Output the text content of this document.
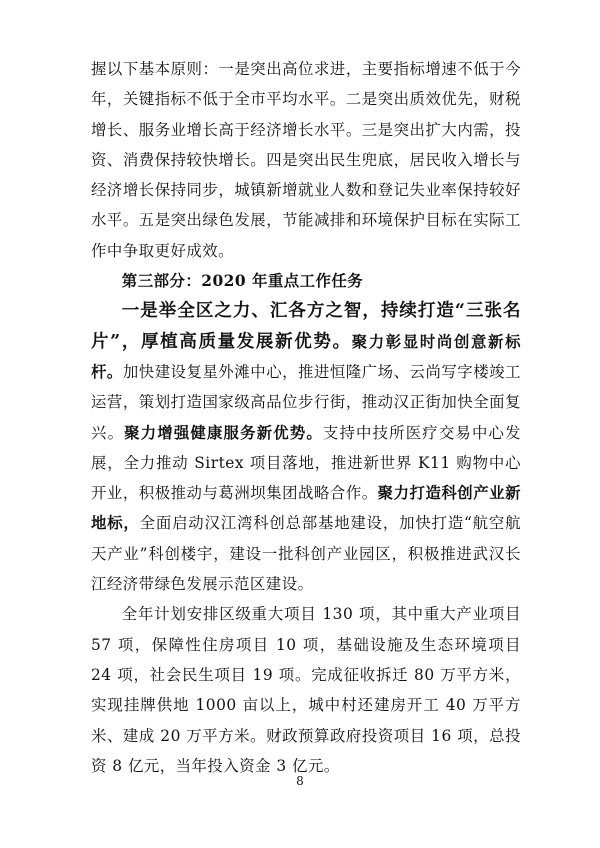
握以下基本原则：一是突出高位求进，主要指标增速不低于今年，关键指标不低于全市平均水平。二是突出质效优先，财税增长、服务业增长高于经济增长水平。三是突出扩大内需，投资、消费保持较快增长。四是突出民生兜底，居民收入增长与经济增长保持同步，城镇新增就业人数和登记失业率保持较好水平。五是突出绿色发展，节能减排和环境保护目标在实际工作中争取更好成效。

第三部分：2020 年重点工作任务

一是举全区之力、汇各方之智，持续打造“三张名片”，厚植高质量发展新优势。聚力彰显时尚创意新标杆。加快建设复星外滩中心，推进恒隆广场、云尚写字楼竣工运营，策划打造国家级高品位步行街，推动汉正街加快全面复兴。聚力增强健康服务新优势。支持中技所医疗交易中心发展，全力推动 Sirtex 项目落地，推进新世界 K11 购物中心开业，积极推动与葛洲坝集团战略合作。聚力打造科创产业新地标，全面启动汉江湾科创总部基地建设，加快打造“航空航天产业”科创楼宇，建设一批科创产业园区，积极推进武汉长江经济带绿色发展示范区建设。

全年计划安排区级重大项目 130 项，其中重大产业项目 57 项，保障性住房项目 10 项，基础设施及生态环境项目 24 项，社会民生项目 19 项。完成征收拆迁 80 万平方米，实现挂牌供地 1000 亩以上，城中村还建房开工 40 万平方米、建成 20 万平方米。财政预算政府投资项目 16 项，总投资 8 亿元，当年投入资金 3 亿元。

8
